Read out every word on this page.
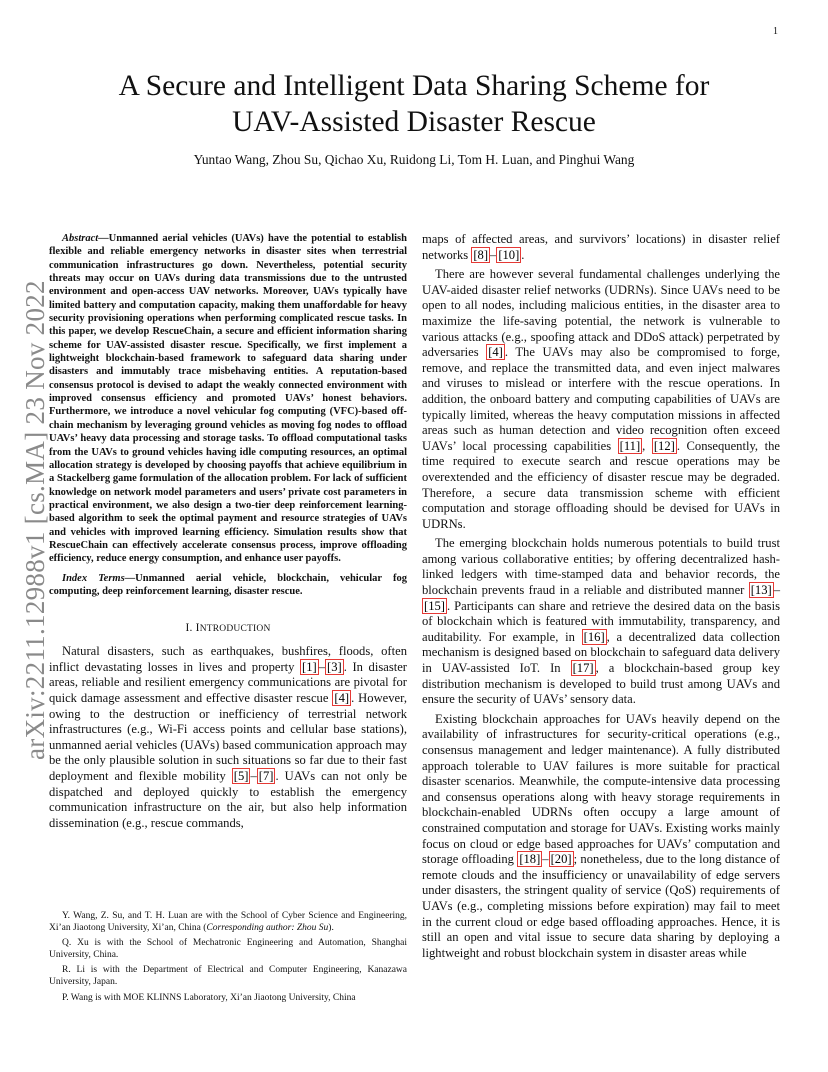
1
arXiv:2211.12988v1 [cs.MA] 23 Nov 2022
A Secure and Intelligent Data Sharing Scheme for
UAV-Assisted Disaster Rescue

Yuntao Wang, Zhou Su, Qichao Xu, Ruidong Li, Tom H. Luan, and Pinghui Wang

Abstract—Unmanned aerial vehicles (UAVs) have the potential to establish flexible and reliable emergency networks in disaster sites when terrestrial communication infrastructures go down. Nevertheless, potential security threats may occur on UAVs during data transmissions due to the untrusted environment and open-access UAV networks. Moreover, UAVs typically have limited battery and computation capacity, making them unaffordable for heavy security provisioning operations when performing complicated rescue tasks. In this paper, we develop RescueChain, a secure and efficient information sharing scheme for UAV-assisted disaster rescue. Specifically, we first implement a lightweight blockchain-based framework to safeguard data sharing under disasters and immutably trace misbehaving entities. A reputation-based consensus protocol is devised to adapt the weakly connected environment with improved consensus efficiency and promoted UAVs’ honest behaviors. Furthermore, we introduce a novel vehicular fog computing (VFC)-based off-chain mechanism by leveraging ground vehicles as moving fog nodes to offload UAVs’ heavy data processing and storage tasks. To offload computational tasks from the UAVs to ground vehicles having idle computing resources, an optimal allocation strategy is developed by choosing payoffs that achieve equilibrium in a Stackelberg game formulation of the allocation problem. For lack of sufficient knowledge on network model parameters and users’ private cost parameters in practical environment, we also design a two-tier deep reinforcement learning-based algorithm to seek the optimal payment and resource strategies of UAVs and vehicles with improved learning efficiency. Simulation results show that RescueChain can effectively accelerate consensus process, improve offloading efficiency, reduce energy consumption, and enhance user payoffs.

Index Terms—Unmanned aerial vehicle, blockchain, vehicular fog computing, deep reinforcement learning, disaster rescue.

I. INTRODUCTION

Natural disasters, such as earthquakes, bushfires, floods, often inflict devastating losses in lives and property [1] – [3] . In disaster areas, reliable and resilient emergency communications are pivotal for quick damage assessment and effective disaster rescue [4] . However, owing to the destruction or inefficiency of terrestrial network infrastructures (e.g., Wi-Fi access points and cellular base stations), unmanned aerial vehicles (UAVs) based communication approach may be the only plausible solution in such situations so far due to their fast deployment and flexible mobility [5] – [7] . UAVs can not only be dispatched and deployed quickly to establish the emergency communication infrastructure on the air, but also help information dissemination (e.g., rescue commands,

Y. Wang, Z. Su, and T. H. Luan are with the School of Cyber Science and Engineering, Xi’an Jiaotong University, Xi’an, China (Corresponding author: Zhou Su).

Q. Xu is with the School of Mechatronic Engineering and Automation, Shanghai University, China.

R. Li is with the Department of Electrical and Computer Engineering, Kanazawa University, Japan.

P. Wang is with MOE KLINNS Laboratory, Xi’an Jiaotong University, China

maps of affected areas, and survivors’ locations) in disaster relief networks [8] – [10] .

There are however several fundamental challenges underlying the UAV-aided disaster relief networks (UDRNs). Since UAVs need to be open to all nodes, including malicious entities, in the disaster area to maximize the life-saving potential, the network is vulnerable to various attacks (e.g., spoofing attack and DDoS attack) perpetrated by adversaries [4] . The UAVs may also be compromised to forge, remove, and replace the transmitted data, and even inject malwares and viruses to mislead or interfere with the rescue operations. In addition, the onboard battery and computing capabilities of UAVs are typically limited, whereas the heavy computation missions in affected areas such as human detection and video recognition often exceed UAVs’ local processing capabilities [11] , [12] . Consequently, the time required to execute search and rescue operations may be overextended and the efficiency of disaster rescue may be degraded. Therefore, a secure data transmission scheme with efficient computation and storage offloading should be devised for UAVs in UDRNs.

The emerging blockchain holds numerous potentials to build trust among various collaborative entities; by offering decentralized hash-linked ledgers with time-stamped data and behavior records, the blockchain prevents fraud in a reliable and distributed manner [13] –[15] . Participants can share and retrieve the desired data on the basis of blockchain which is featured with immutability, transparency, and auditability. For example, in [16] , a decentralized data collection mechanism is designed based on blockchain to safeguard data delivery in UAV-assisted IoT. In [17] , a blockchain-based group key distribution mechanism is developed to build trust among UAVs and ensure the security of UAVs’ sensory data.

Existing blockchain approaches for UAVs heavily depend on the availability of infrastructures for security-critical operations (e.g., consensus management and ledger maintenance). A fully distributed approach tolerable to UAV failures is more suitable for practical disaster scenarios. Meanwhile, the compute-intensive data processing and consensus operations along with heavy storage requirements in blockchain-enabled UDRNs often occupy a large amount of constrained computation and storage for UAVs. Existing works mainly focus on cloud or edge based approaches for UAVs’ computation and storage offloading [18] – [20] ; nonetheless, due to the long distance of remote clouds and the insufficiency or unavailability of edge servers under disasters, the stringent quality of service (QoS) requirements of UAVs (e.g., completing missions before expiration) may fail to meet in the current cloud or edge based offloading approaches. Hence, it is still an open and vital issue to secure data sharing by deploying a lightweight and robust blockchain system in disaster areas while
